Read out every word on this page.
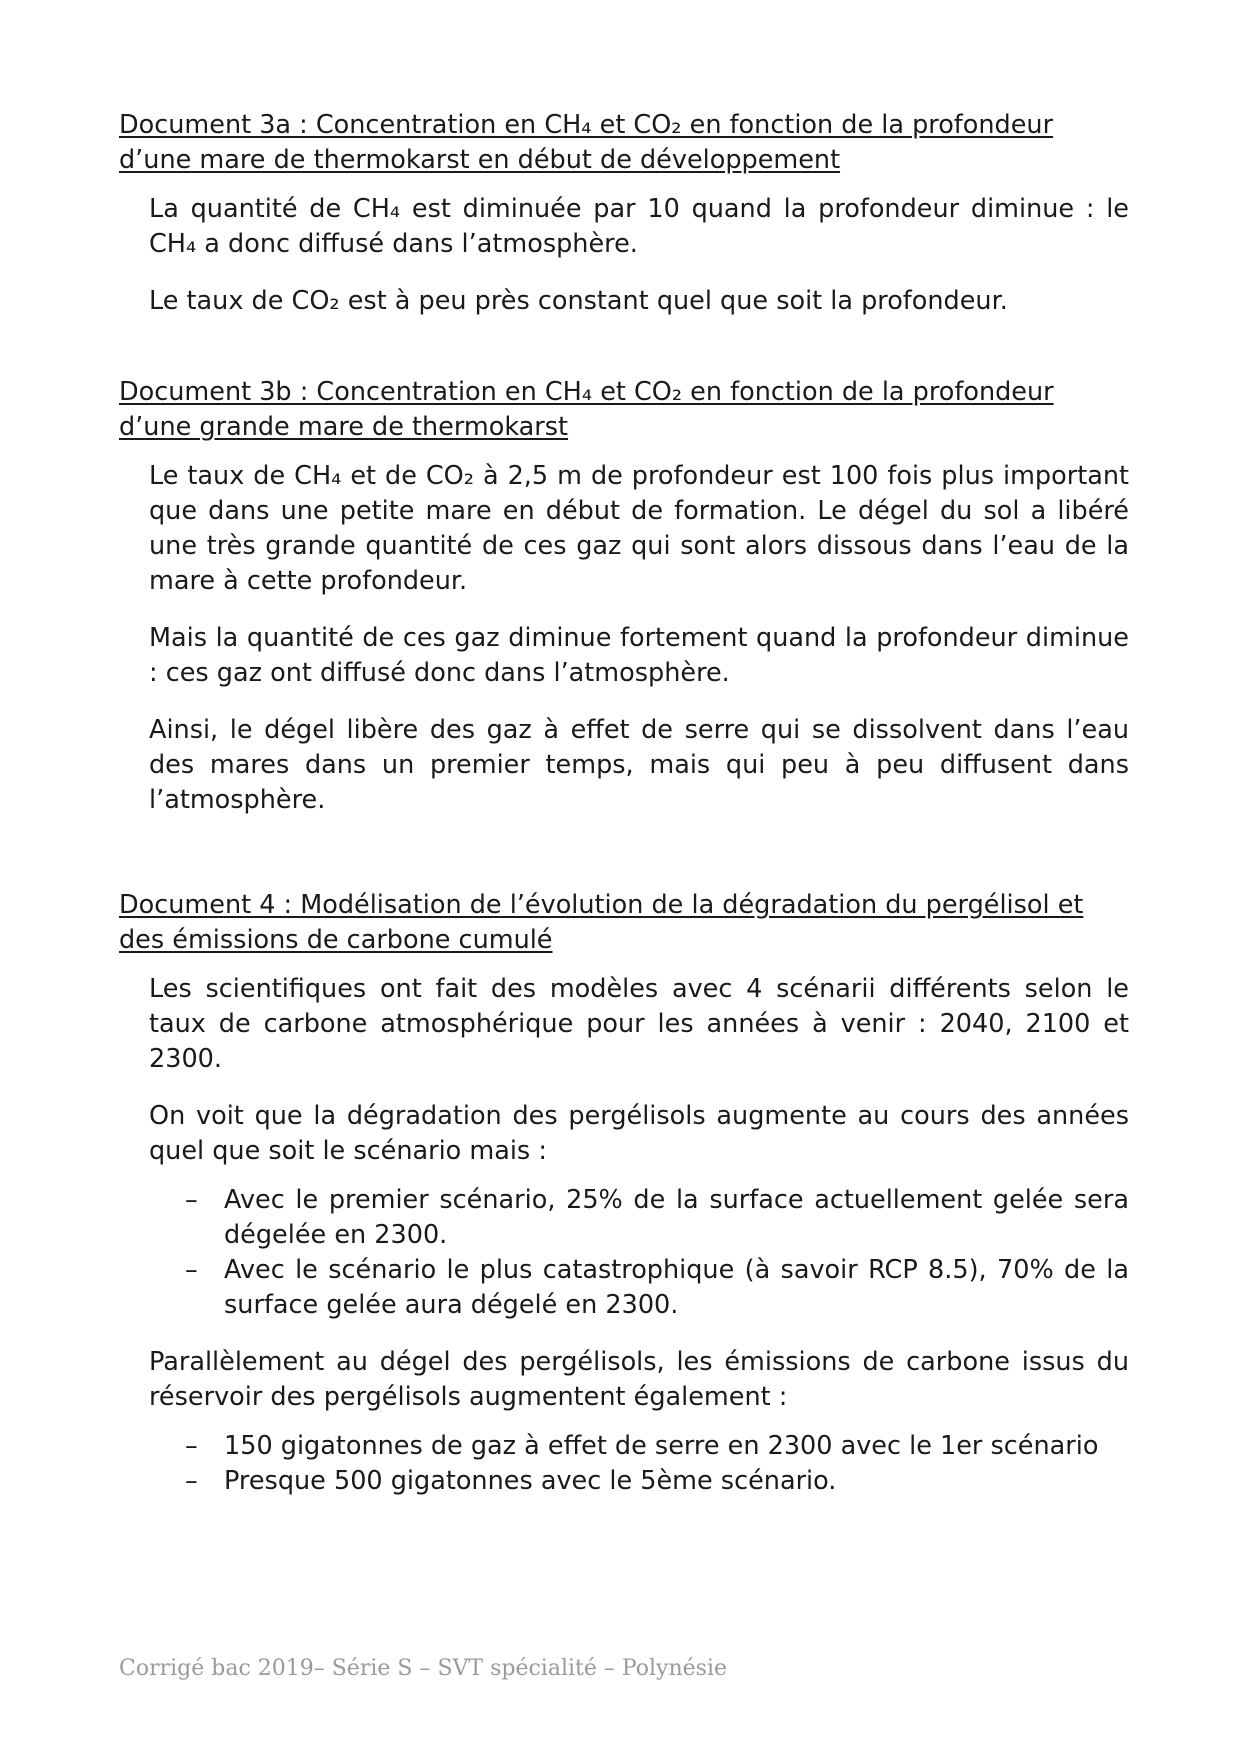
Document 3a : Concentration en CH₄ et CO₂ en fonction de la profondeur d’une mare de thermokarst en début de développement

La quantité de CH₄ est diminuée par 10 quand la profondeur diminue : le CH₄ a donc diffusé dans l’atmosphère.

Le taux de CO₂ est à peu près constant quel que soit la profondeur.

Document 3b : Concentration en CH₄ et CO₂ en fonction de la profondeur d’une grande mare de thermokarst

Le taux de CH₄ et de CO₂ à 2,5 m de profondeur est 100 fois plus important que dans une petite mare en début de formation. Le dégel du sol a libéré une très grande quantité de ces gaz qui sont alors dissous dans l’eau de la mare à cette profondeur.

Mais la quantité de ces gaz diminue fortement quand la profondeur diminue : ces gaz ont diffusé donc dans l’atmosphère.

Ainsi, le dégel libère des gaz à effet de serre qui se dissolvent dans l’eau des mares dans un premier temps, mais qui peu à peu diffusent dans l’atmosphère.

Document 4 : Modélisation de l’évolution de la dégradation du pergélisol et des émissions de carbone cumulé

Les scientifiques ont fait des modèles avec 4 scénarii différents selon le taux de carbone atmosphérique pour les années à venir : 2040, 2100 et 2300.

On voit que la dégradation des pergélisols augmente au cours des années quel que soit le scénario mais :

– Avec le premier scénario, 25% de la surface actuellement gelée sera dégelée en 2300.
– Avec le scénario le plus catastrophique (à savoir RCP 8.5), 70% de la surface gelée aura dégelé en 2300.

Parallèlement au dégel des pergélisols, les émissions de carbone issus du réservoir des pergélisols augmentent également :

– 150 gigatonnes de gaz à effet de serre en 2300 avec le 1er scénario
– Presque 500 gigatonnes avec le 5ème scénario.
Corrigé bac 2019– Série S – SVT spécialité – Polynésie
